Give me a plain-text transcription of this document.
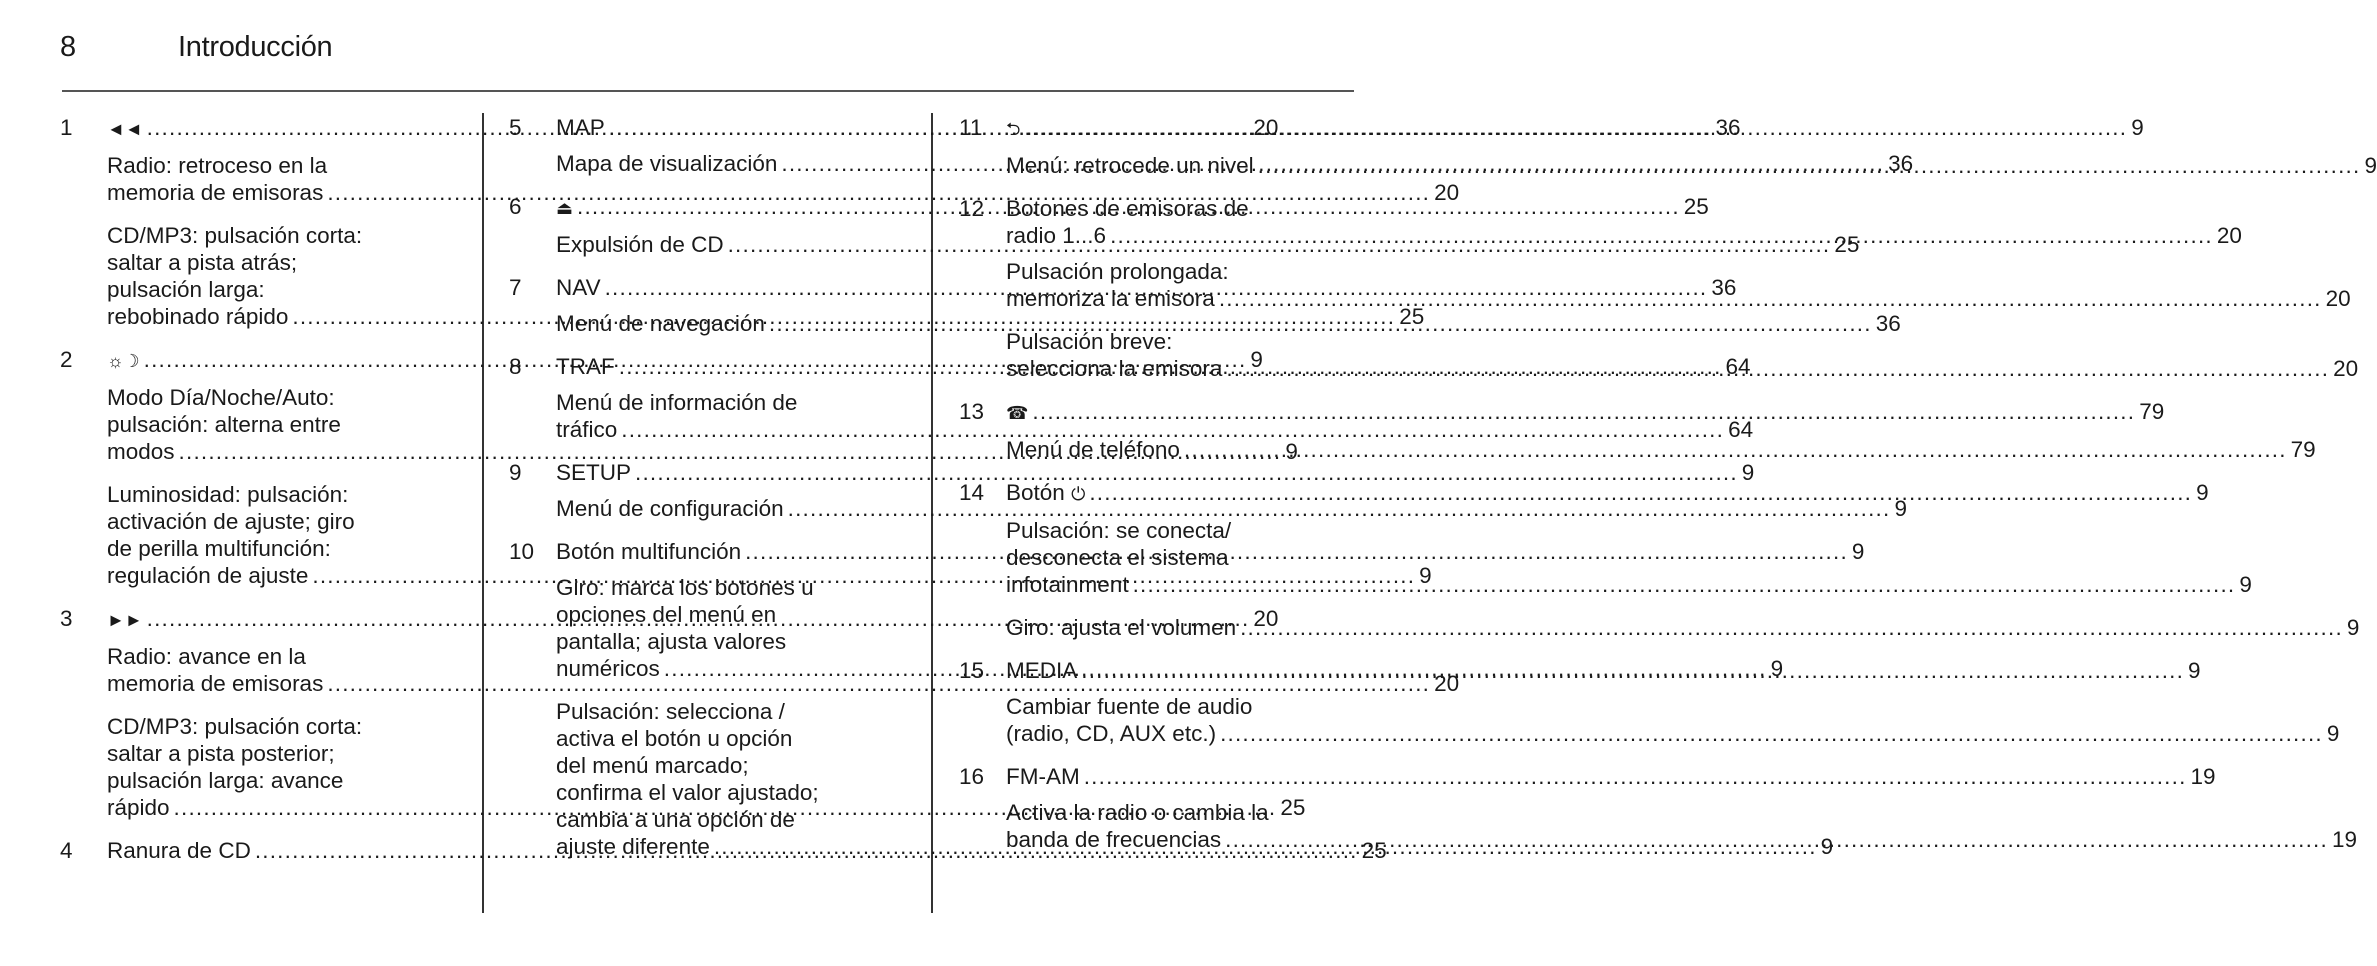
8	Introducción
1	◄◄ .....	20
Radio: retroceso en la
memoria de emisoras .....	20
CD/MP3: pulsación corta:
saltar a pista atrás;
pulsación larga:
rebobinado rápido .....	25
2	☼☽ .....	9
Modo Día/Noche/Auto:
pulsación: alterna entre
modos .....	9
Luminosidad: pulsación:
activación de ajuste; giro
de perilla multifunción:
regulación de ajuste .....	9
3	►► .....	20
Radio: avance en la
memoria de emisoras .....	20
CD/MP3: pulsación corta:
saltar a pista posterior;
pulsación larga: avance
rápido .....	25
4	Ranura de CD .....	25
5	MAP .....	36
Mapa de visualización .....	36
6	⏏ .....	25
Expulsión de CD .....	25
7	NAV .....	36
Menú de navegación .....	36
8	TRAF .....	64
Menú de información de
tráfico .....	64
9	SETUP .....	9
Menú de configuración .....	9
10 Botón multifunción .....	9
Giro: marca los botones u
opciones del menú en
pantalla; ajusta valores
numéricos .....	9
Pulsación: selecciona /
activa el botón u opción
del menú marcado;
confirma el valor ajustado;
cambia a una opción de
ajuste diferente .....	9
11	⮌ .....	9
Menú: retrocede un nivel .....	9
12 Botones de emisoras de
radio 1...6 .....	20
Pulsación prolongada:
memoriza la emisora .....	20
Pulsación breve:
selecciona la emisora .....	20
13	☎ .....	79
Menú de teléfono .....	79
14 Botón ⏻ .....	9
Pulsación: se conecta/
desconecta el sistema
infotainment .....	9
Giro: ajusta el volumen .....	9
15 MEDIA .....	9
Cambiar fuente de audio
(radio, CD, AUX etc.) .....	9
16 FM-AM .....	19
Activa la radio o cambia la
banda de frecuencias .....	19
